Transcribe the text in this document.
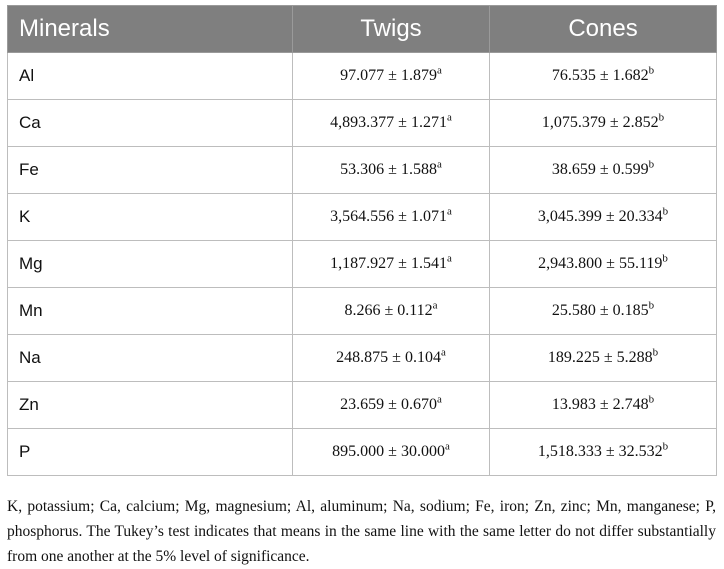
Minerals	Twigs	Cones
Al	97.077 ± 1.879$^a$	76.535 ± 1.682$^b$
Ca	4,893.377 ± 1.271$^a$	1,075.379 ± 2.852$^b$
Fe	53.306 ± 1.588$^a$	38.659 ± 0.599$^b$
K	3,564.556 ± 1.071$^a$	3,045.399 ± 20.334$^b$
Mg	1,187.927 ± 1.541$^a$	2,943.800 ± 55.119$^b$
Mn	8.266 ± 0.112$^a$	25.580 ± 0.185$^b$
Na	248.875 ± 0.104$^a$	189.225 ± 5.288$^b$
Zn	23.659 ± 0.670$^a$	13.983 ± 2.748$^b$
P	895.000 ± 30.000$^a$	1,518.333 ± 32.532$^b$

K, potassium; Ca, calcium; Mg, magnesium; Al, aluminum; Na, sodium; Fe, iron; Zn, zinc; Mn, manganese; P, phosphorus. The Tukey’s test indicates that means in the same line with the same letter do not differ substantially from one another at the 5% level of significance.
